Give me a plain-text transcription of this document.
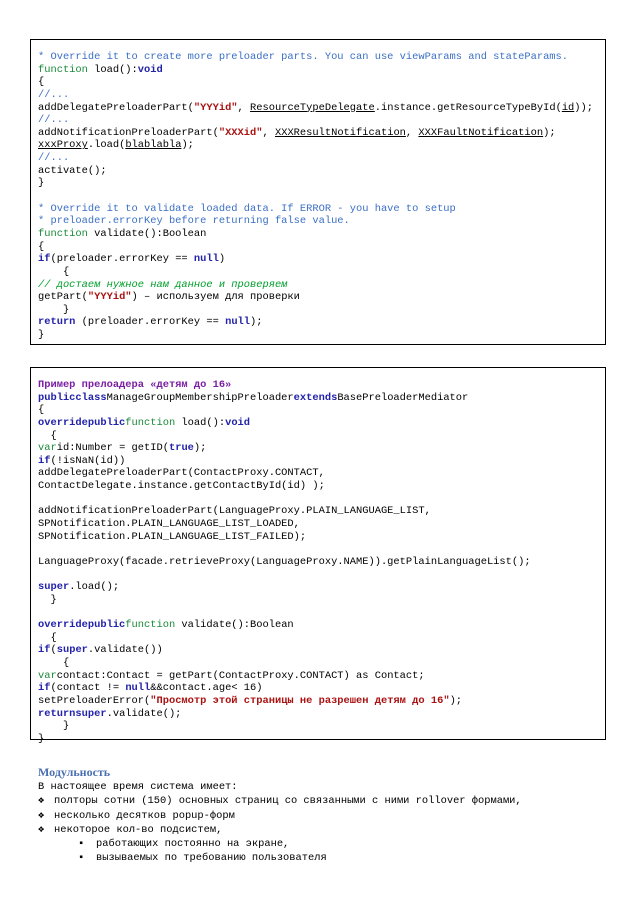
* Override it to create more preloader parts. You can use viewParams and stateParams.
function load():void
{
//...
addDelegatePreloaderPart("YYYid", ResourceTypeDelegate.instance.getResourceTypeById(id));
//...
addNotificationPreloaderPart("XXXid", XXXResultNotification, XXXFaultNotification);
xxxProxy.load(blablabla);
//...
activate();
}
* Override it to validate loaded data. If ERROR - you have to setup
* preloader.errorKey before returning false value.
function validate():Boolean
{
if(preloader.errorKey == null)
{
// достаем нужное нам данное и проверяем
getPart("YYYid") – используем для проверки
}
return (preloader.errorKey == null);
}
Пример прелоадера «детям до 16»
publicclassManageGroupMembershipPreloaderextendsBasePreloaderMediator
{
overridepublicfunction load():void
{
varid:Number = getID(true);
if(!isNaN(id))
addDelegatePreloaderPart(ContactProxy.CONTACT,
ContactDelegate.instance.getContactById(id) );
addNotificationPreloaderPart(LanguageProxy.PLAIN_LANGUAGE_LIST,
SPNotification.PLAIN_LANGUAGE_LIST_LOADED,
SPNotification.PLAIN_LANGUAGE_LIST_FAILED);
LanguageProxy(facade.retrieveProxy(LanguageProxy.NAME)).getPlainLanguageList();
super.load();
}
overridepublicfunction validate():Boolean
{
if(super.validate())
{
varcontact:Contact = getPart(ContactProxy.CONTACT) as Contact;
if(contact != null&&contact.age< 16)
setPreloaderError("Просмотр этой страницы не разрешен детям до 16");
returnsuper.validate();
}
}
Модульность
В настоящее время система имеет:
❖ полторы сотни (150) основных страниц со связанными с ними rollover формами,
❖ несколько десятков popup-форм
❖ некоторое кол-во подсистем,
▪ работающих постоянно на экране,
▪ вызываемых по требованию пользователя
